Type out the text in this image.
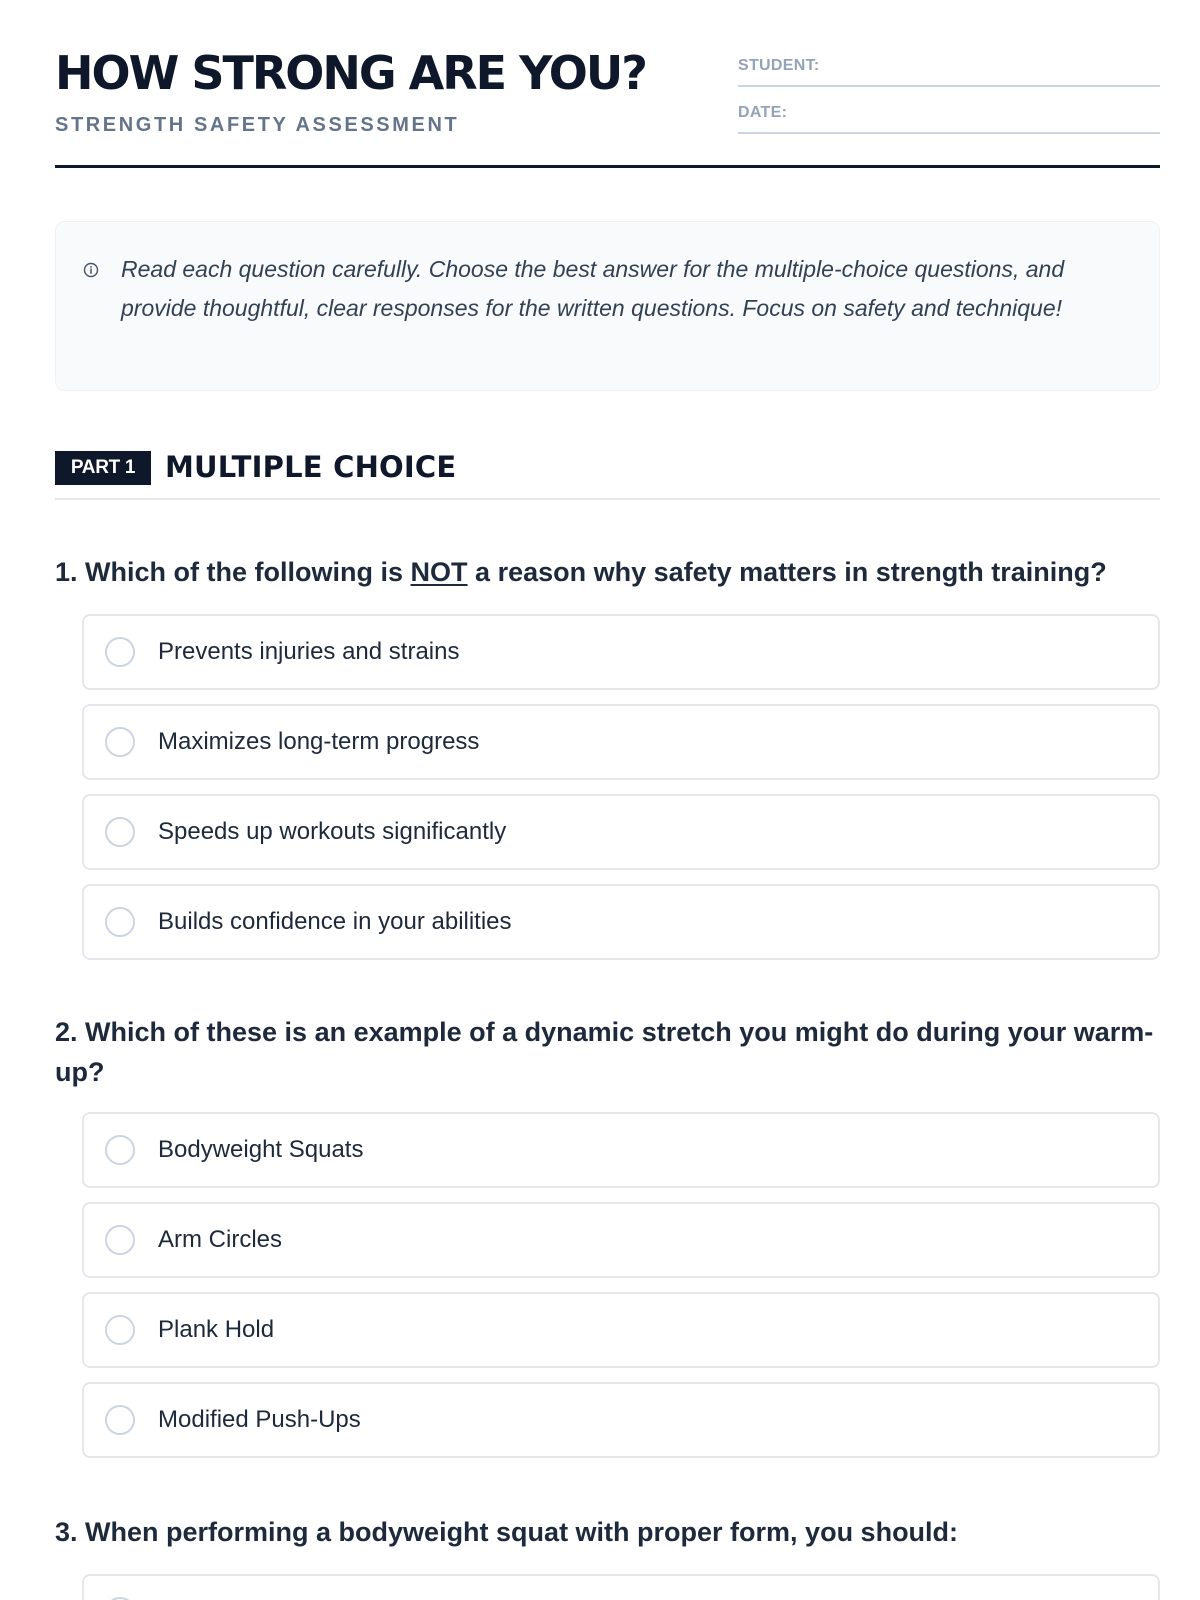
HOW STRONG ARE YOU?
STRENGTH SAFETY ASSESSMENT
STUDENT:
DATE:
Read each question carefully. Choose the best answer for the multiple-choice questions, and provide thoughtful, clear responses for the written questions. Focus on safety and technique!
PART 1	MULTIPLE CHOICE
1. Which of the following is NOT a reason why safety matters in strength training?
Prevents injuries and strains
Maximizes long-term progress
Speeds up workouts significantly
Builds confidence in your abilities
2. Which of these is an example of a dynamic stretch you might do during your warm-up?
Bodyweight Squats
Arm Circles
Plank Hold
Modified Push-Ups
3. When performing a bodyweight squat with proper form, you should:
